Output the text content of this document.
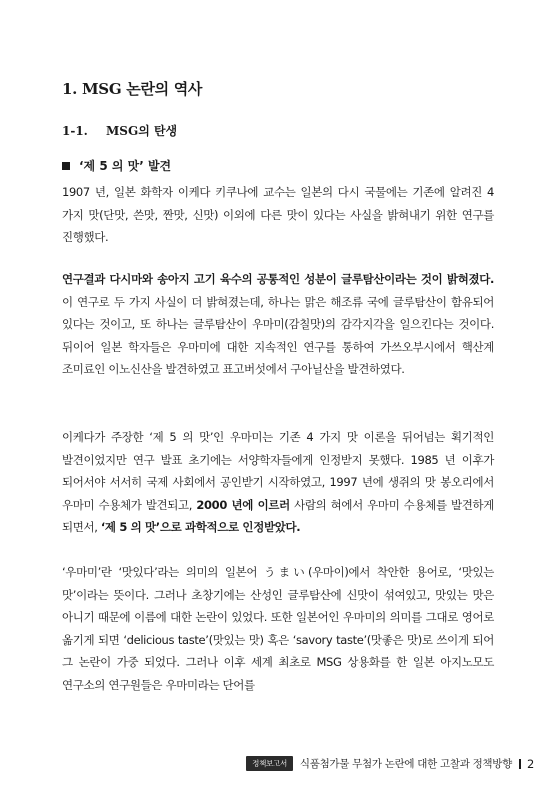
1. MSG 논란의 역사
1-1. MSG의 탄생
‘제 5 의 맛’ 발견
1907 년, 일본 화학자 이케다 키쿠나에 교수는 일본의 다시 국물에는 기존에 알려진 4 가지 맛(단맛, 쓴맛, 짠맛, 신맛) 이외에 다른 맛이 있다는 사실을 밝혀내기 위한 연구를 진행했다.
연구결과 다시마와 송아지 고기 육수의 공통적인 성분이 글루탐산이라는 것이 밝혀졌다. 이 연구로 두 가지 사실이 더 밝혀졌는데, 하나는 맑은 해조류 국에 글루탐산이 함유되어 있다는 것이고, 또 하나는 글루탐산이 우마미(감칠맛)의 감각지각을 일으킨다는 것이다. 뒤이어 일본 학자들은 우마미에 대한 지속적인 연구를 통하여 가쓰오부시에서 핵산계 조미료인 이노신산을 발견하였고 표고버섯에서 구아닐산을 발견하였다.
이케다가 주장한 ‘제 5 의 맛’인 우마미는 기존 4 가지 맛 이론을 뒤어넘는 획기적인 발견이었지만 연구 발표 초기에는 서양학자들에게 인정받지 못했다. 1985 년 이후가 되어서야 서서히 국제 사회에서 공인받기 시작하였고, 1997 년에 생쥐의 맛 봉오리에서 우마미 수용체가 발견되고, 2000 년에 이르러 사람의 혀에서 우마미 수용체를 발견하게 되면서, ‘제 5 의 맛’으로 과학적으로 인정받았다.
‘우마미’란 ‘맛있다’라는 의미의 일본어 うまい(우마이)에서 착안한 용어로, ‘맛있는 맛’이라는 뜻이다. 그러나 초창기에는 산성인 글루탐산에 신맛이 섞여있고, 맛있는 맛은 아니기 때문에 이름에 대한 논란이 있었다. 또한 일본어인 우마미의 의미를 그대로 영어로 옮기게 되면 ‘delicious taste’(맛있는 맛) 혹은 ‘savory taste’(맛좋은 맛)로 쓰이게 되어 그 논란이 가중 되었다. 그러나 이후 세계 최초로 MSG 상용화를 한 일본 아지노모도 연구소의 연구원들은 우마미라는 단어를
정책보고서	식품첨가물 무첨가 논란에 대한 고찰과 정책방향 2
